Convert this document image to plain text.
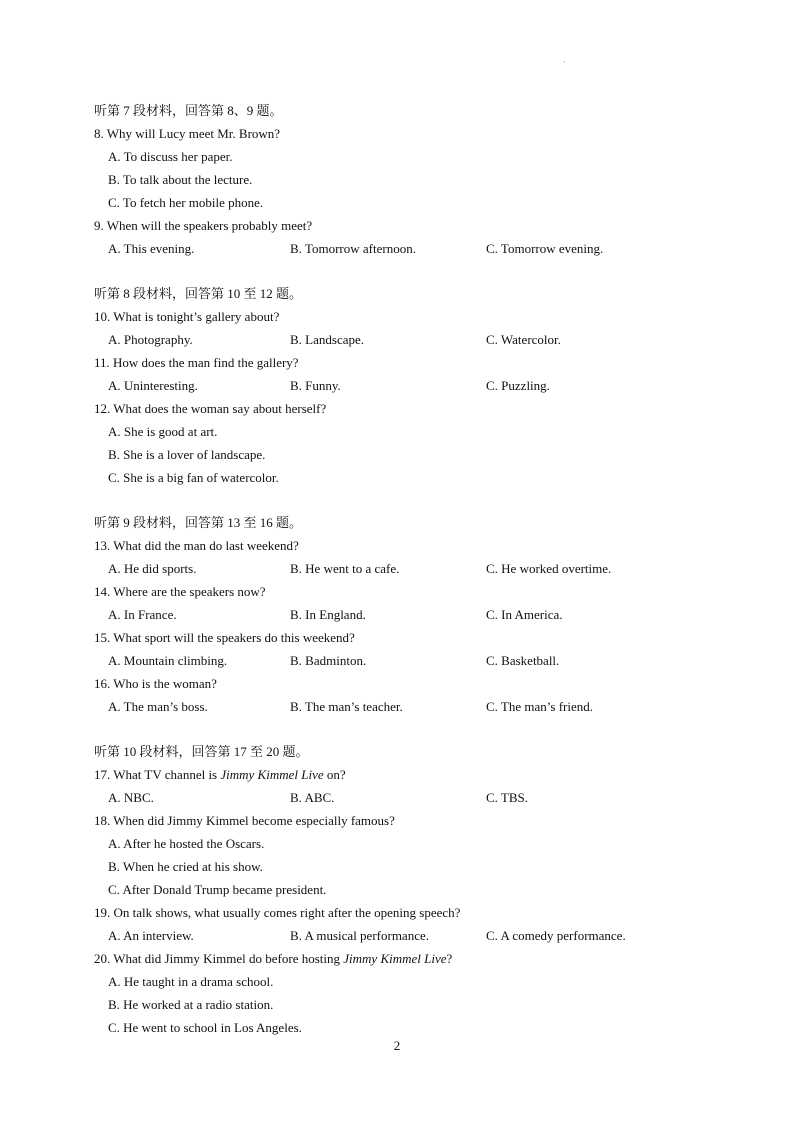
·
听第 7 段材料，回答第 8、9 题。
8. Why will Lucy meet Mr. Brown?
A. To discuss her paper.
B. To talk about the lecture.
C. To fetch her mobile phone.
9. When will the speakers probably meet?
A. This evening.	B. Tomorrow afternoon.	C. Tomorrow evening.
听第 8 段材料，回答第 10 至 12 题。
10. What is tonight’s gallery about?
A. Photography.	B. Landscape.	C. Watercolor.
11. How does the man find the gallery?
A. Uninteresting.	B. Funny.	C. Puzzling.
12. What does the woman say about herself?
A. She is good at art.
B. She is a lover of landscape.
C. She is a big fan of watercolor.
听第 9 段材料，回答第 13 至 16 题。
13. What did the man do last weekend?
A. He did sports.	B. He went to a cafe.	C. He worked overtime.
14. Where are the speakers now?
A. In France.	B. In England.	C. In America.
15. What sport will the speakers do this weekend?
A. Mountain climbing.	B. Badminton.	C. Basketball.
16. Who is the woman?
A. The man’s boss.	B. The man’s teacher.	C. The man’s friend.
听第 10 段材料，回答第 17 至 20 题。
17. What TV channel is Jimmy Kimmel Live on?
A. NBC.	B. ABC.	C. TBS.
18. When did Jimmy Kimmel become especially famous?
A. After he hosted the Oscars.
B. When he cried at his show.
C. After Donald Trump became president.
19. On talk shows, what usually comes right after the opening speech?
A. An interview.	B. A musical performance.	C. A comedy performance.
20. What did Jimmy Kimmel do before hosting Jimmy Kimmel Live?
A. He taught in a drama school.
B. He worked at a radio station.
C. He went to school in Los Angeles.
2
